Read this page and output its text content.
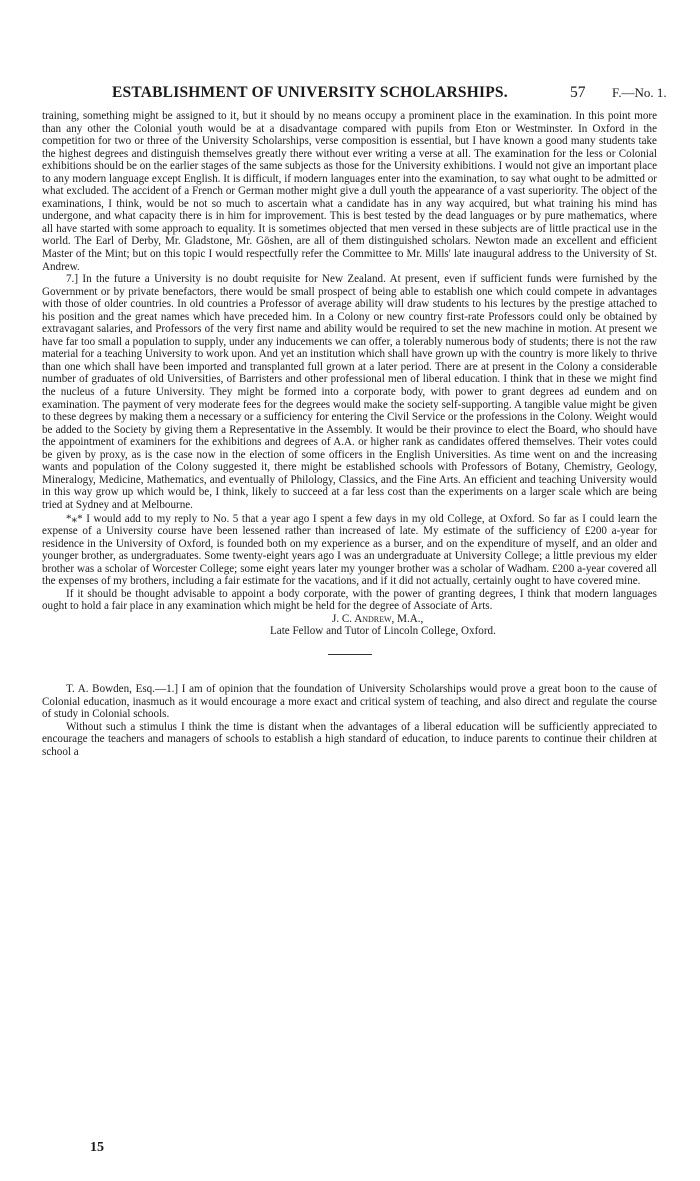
ESTABLISHMENT OF UNIVERSITY SCHOLARSHIPS.	57 F.—No. 1.

training, something might be assigned to it, but it should by no means occupy a prominent place in the examination. In this point more than any other the Colonial youth would be at a disadvantage compared with pupils from Eton or Westminster. In Oxford in the competition for two or three of the University Scholarships, verse composition is essential, but I have known a good many students take the highest degrees and distinguish themselves greatly there without ever writing a verse at all. The examination for the less or Colonial exhibitions should be on the earlier stages of the same subjects as those for the University exhibitions. I would not give an important place to any modern language except English. It is difficult, if modern languages enter into the examination, to say what ought to be admitted or what excluded. The accident of a French or German mother might give a dull youth the appearance of a vast superiority. The object of the examinations, I think, would be not so much to ascertain what a candidate has in any way acquired, but what training his mind has undergone, and what capacity there is in him for improvement. This is best tested by the dead languages or by pure mathematics, where all have started with some approach to equality. It is sometimes objected that men versed in these subjects are of little practical use in the world. The Earl of Derby, Mr. Gladstone, Mr. Göshen, are all of them distinguished scholars. Newton made an excellent and efficient Master of the Mint; but on this topic I would respectfully refer the Committee to Mr. Mills' late inaugural address to the University of St. Andrew.

7.] In the future a University is no doubt requisite for New Zealand. At present, even if sufficient funds were furnished by the Government or by private benefactors, there would be small prospect of being able to establish one which could compete in advantages with those of older countries. In old countries a Professor of average ability will draw students to his lectures by the prestige attached to his position and the great names which have preceded him. In a Colony or new country first-rate Professors could only be obtained by extravagant salaries, and Professors of the very first name and ability would be required to set the new machine in motion. At present we have far too small a population to supply, under any inducements we can offer, a tolerably numerous body of students; there is not the raw material for a teaching University to work upon. And yet an institution which shall have grown up with the country is more likely to thrive than one which shall have been imported and transplanted full grown at a later period. There are at present in the Colony a considerable number of graduates of old Universities, of Barristers and other professional men of liberal education. I think that in these we might find the nucleus of a future University. They might be formed into a corporate body, with power to grant degrees ad eundem and on examination. The payment of very moderate fees for the degrees would make the society self-supporting. A tangible value might be given to these degrees by making them a necessary or a sufficiency for entering the Civil Service or the professions in the Colony. Weight would be added to the Society by giving them a Representative in the Assembly. It would be their province to elect the Board, who should have the appointment of examiners for the exhibitions and degrees of A.A. or higher rank as candidates offered themselves. Their votes could be given by proxy, as is the case now in the election of some officers in the English Universities. As time went on and the increasing wants and population of the Colony suggested it, there might be established schools with Professors of Botany, Chemistry, Geology, Mineralogy, Medicine, Mathematics, and eventually of Philology, Classics, and the Fine Arts. An efficient and teaching University would in this way grow up which would be, I think, likely to succeed at a far less cost than the experiments on a larger scale which are being tried at Sydney and at Melbourne.

*⁎* I would add to my reply to No. 5 that a year ago I spent a few days in my old College, at Oxford. So far as I could learn the expense of a University course have been lessened rather than increased of late. My estimate of the sufficiency of £200 a-year for residence in the University of Oxford, is founded both on my experience as a burser, and on the expenditure of myself, and an older and younger brother, as undergraduates. Some twenty-eight years ago I was an undergraduate at University College; a little previous my elder brother was a scholar of Worcester College; some eight years later my younger brother was a scholar of Wadham. £200 a-year covered all the expenses of my brothers, including a fair estimate for the vacations, and if it did not actually, certainly ought to have covered mine.

If it should be thought advisable to appoint a body corporate, with the power of granting degrees, I think that modern languages ought to hold a fair place in any examination which might be held for the degree of Associate of Arts.

J. C. Andrew, M.A.,
Late Fellow and Tutor of Lincoln College, Oxford.

T. A. Bowden, Esq.—1.] I am of opinion that the foundation of University Scholarships would prove a great boon to the cause of Colonial education, inasmuch as it would encourage a more exact and critical system of teaching, and also direct and regulate the course of study in Colonial schools.

Without such a stimulus I think the time is distant when the advantages of a liberal education will be sufficiently appreciated to encourage the teachers and managers of schools to establish a high standard of education, to induce parents to continue their children at school a

15
